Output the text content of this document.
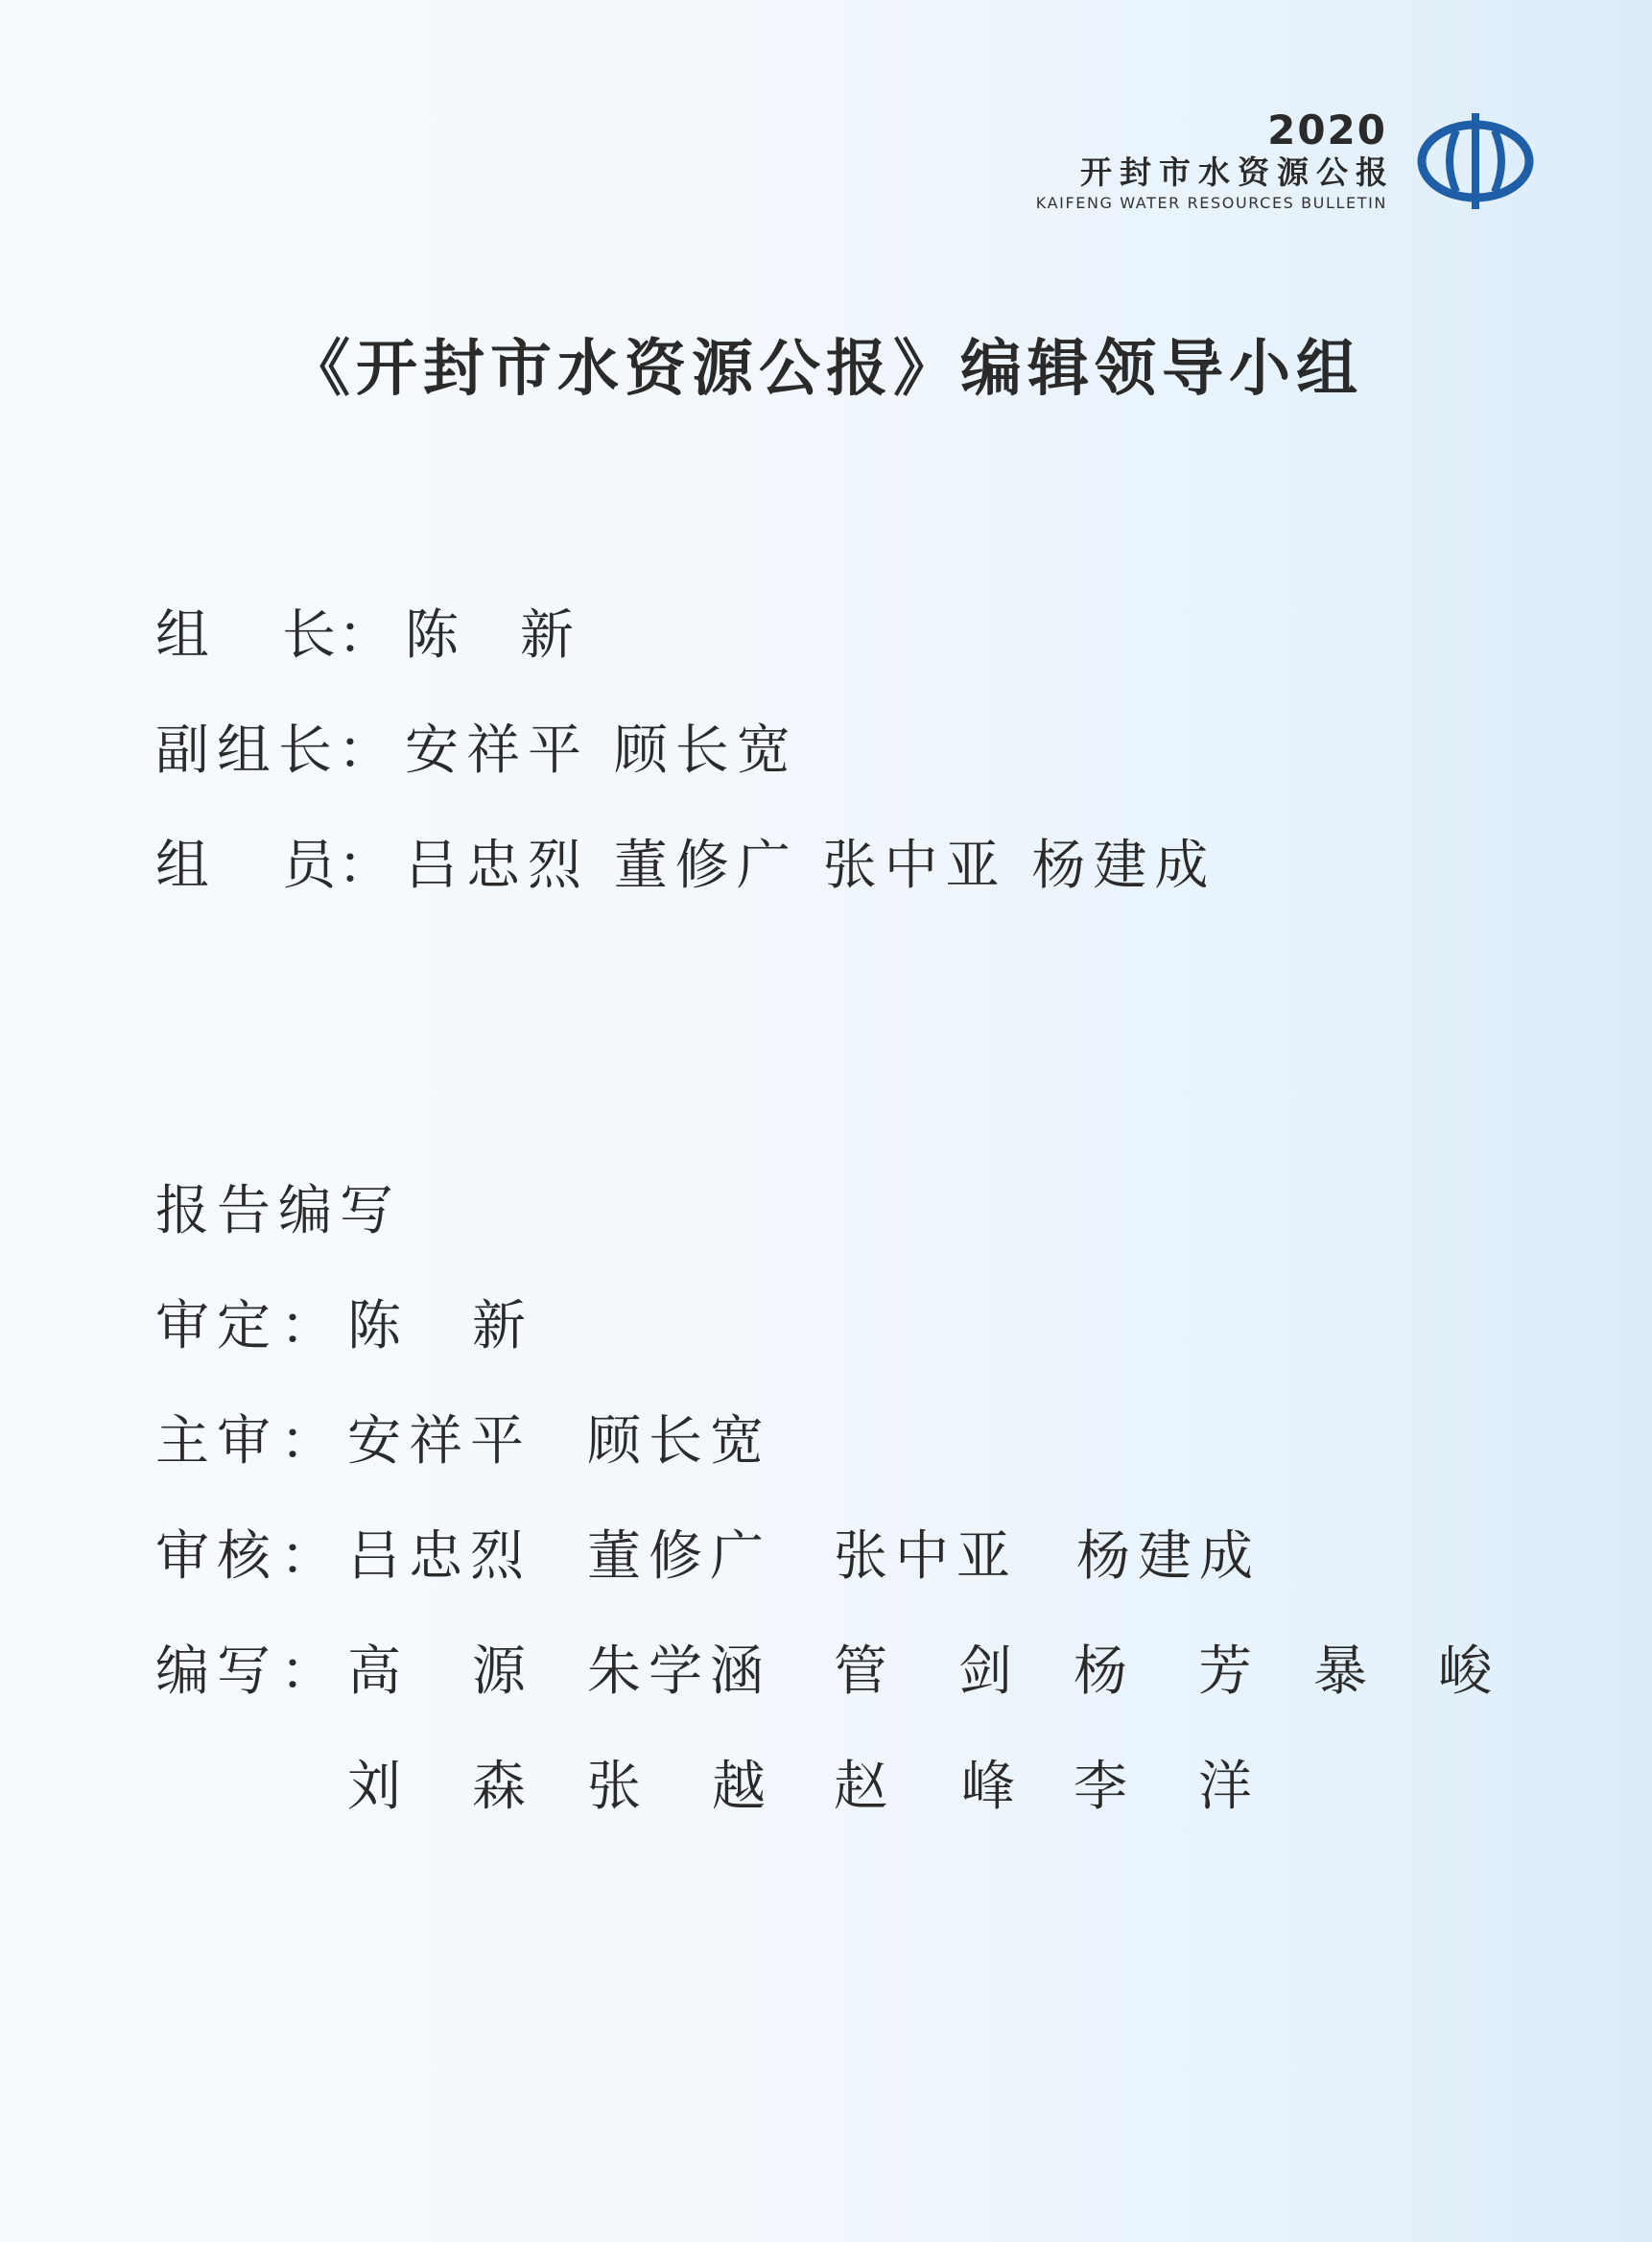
2020
开封市水资源公报
KAIFENG WATER RESOURCES BULLETIN
《开封市水资源公报》编辑领导小组
组 长 ： 陈 新
副组长
： 安祥平 顾长宽
组 员 ： 吕忠烈 董修广 张中亚 杨建成
报告编写
审定 ： 陈 新
主审 ： 安祥平 顾长宽
审核 ： 吕忠烈 董修广 张中亚 杨建成
编写 ： 高 源 朱学涵 管 剑 杨 芳 暴 峻
刘 森 张 越 赵 峰 李 洋
